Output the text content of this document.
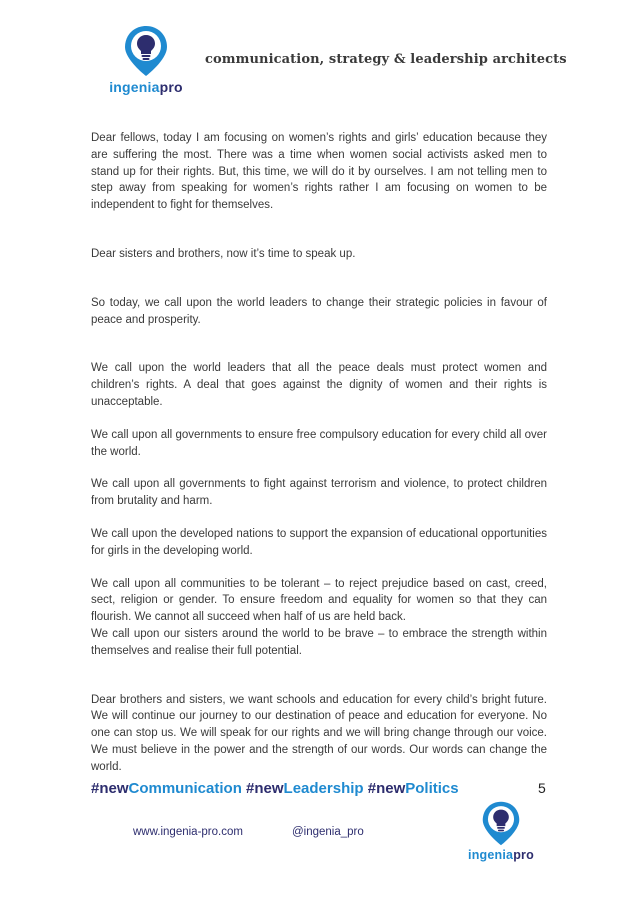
ingeniapro
communication, strategy & leadership architects

Dear fellows, today I am focusing on women’s rights and girls’ education because they are suffering the most. There was a time when women social activists asked men to stand up for their rights. But, this time, we will do it by ourselves. I am not telling men to step away from speaking for women’s rights rather I am focusing on women to be independent to fight for themselves.

Dear sisters and brothers, now it’s time to speak up.

So today, we call upon the world leaders to change their strategic policies in favour of peace and prosperity.

We call upon the world leaders that all the peace deals must protect women and children’s rights. A deal that goes against the dignity of women and their rights is unacceptable.

We call upon all governments to ensure free compulsory education for every child all over the world.

We call upon all governments to fight against terrorism and violence, to protect children from brutality and harm.

We call upon the developed nations to support the expansion of educational opportunities for girls in the developing world.

We call upon all communities to be tolerant – to reject prejudice based on cast, creed, sect, religion or gender. To ensure freedom and equality for women so that they can flourish. We cannot all succeed when half of us are held back.

We call upon our sisters around the world to be brave – to embrace the strength within themselves and realise their full potential.

Dear brothers and sisters, we want schools and education for every child’s bright future. We will continue our journey to our destination of peace and education for everyone. No one can stop us. We will speak for our rights and we will bring change through our voice. We must believe in the power and the strength of our words. Our words can change the world.

#newCommunication #newLeadership #newPolitics	5
www.ingenia-pro.com	@ingenia_pro
ingeniapro
